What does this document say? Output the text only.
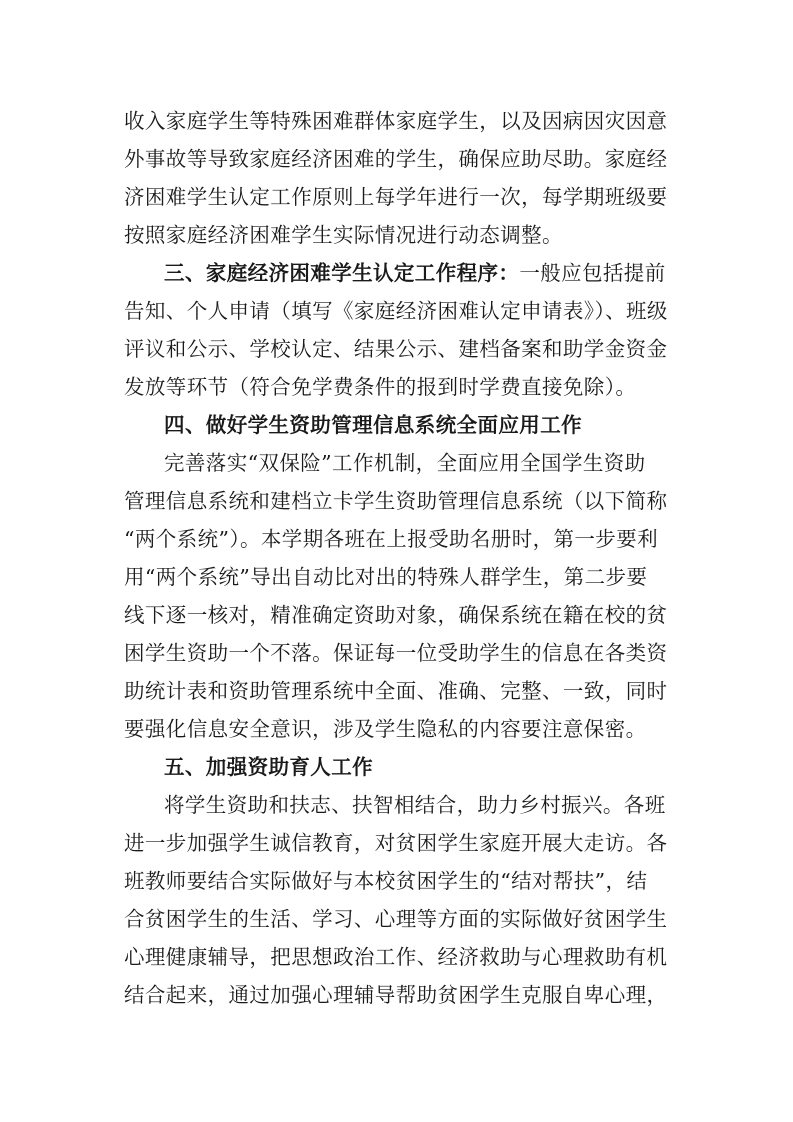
收入家庭学生等特殊困难群体家庭学生，以及因病因灾因意
外事故等导致家庭经济困难的学生，确保应助尽助。家庭经
济困难学生认定工作原则上每学年进行一次，每学期班级要
按照家庭经济困难学生实际情况进行动态调整。
三、家庭经济困难学生认定工作程序：一般应包括提前
告知、个人申请（填写《家庭经济困难认定申请表》）、班级
评议和公示、学校认定、结果公示、建档备案和助学金资金
发放等环节（符合免学费条件的报到时学费直接免除）。
四、做好学生资助管理信息系统全面应用工作
完善落实“双保险”工作机制，全面应用全国学生资助
管理信息系统和建档立卡学生资助管理信息系统（以下简称
“两个系统”）。本学期各班在上报受助名册时，第一步要利
用“两个系统”导出自动比对出的特殊人群学生，第二步要
线下逐一核对，精准确定资助对象，确保系统在籍在校的贫
困学生资助一个不落。保证每一位受助学生的信息在各类资
助统计表和资助管理系统中全面、准确、完整、一致，同时
要强化信息安全意识，涉及学生隐私的内容要注意保密。
五、加强资助育人工作
将学生资助和扶志、扶智相结合，助力乡村振兴。各班
进一步加强学生诚信教育，对贫困学生家庭开展大走访。各
班教师要结合实际做好与本校贫困学生的“结对帮扶”，结
合贫困学生的生活、学习、心理等方面的实际做好贫困学生
心理健康辅导，把思想政治工作、经济救助与心理救助有机
结合起来，通过加强心理辅导帮助贫困学生克服自卑心理，
